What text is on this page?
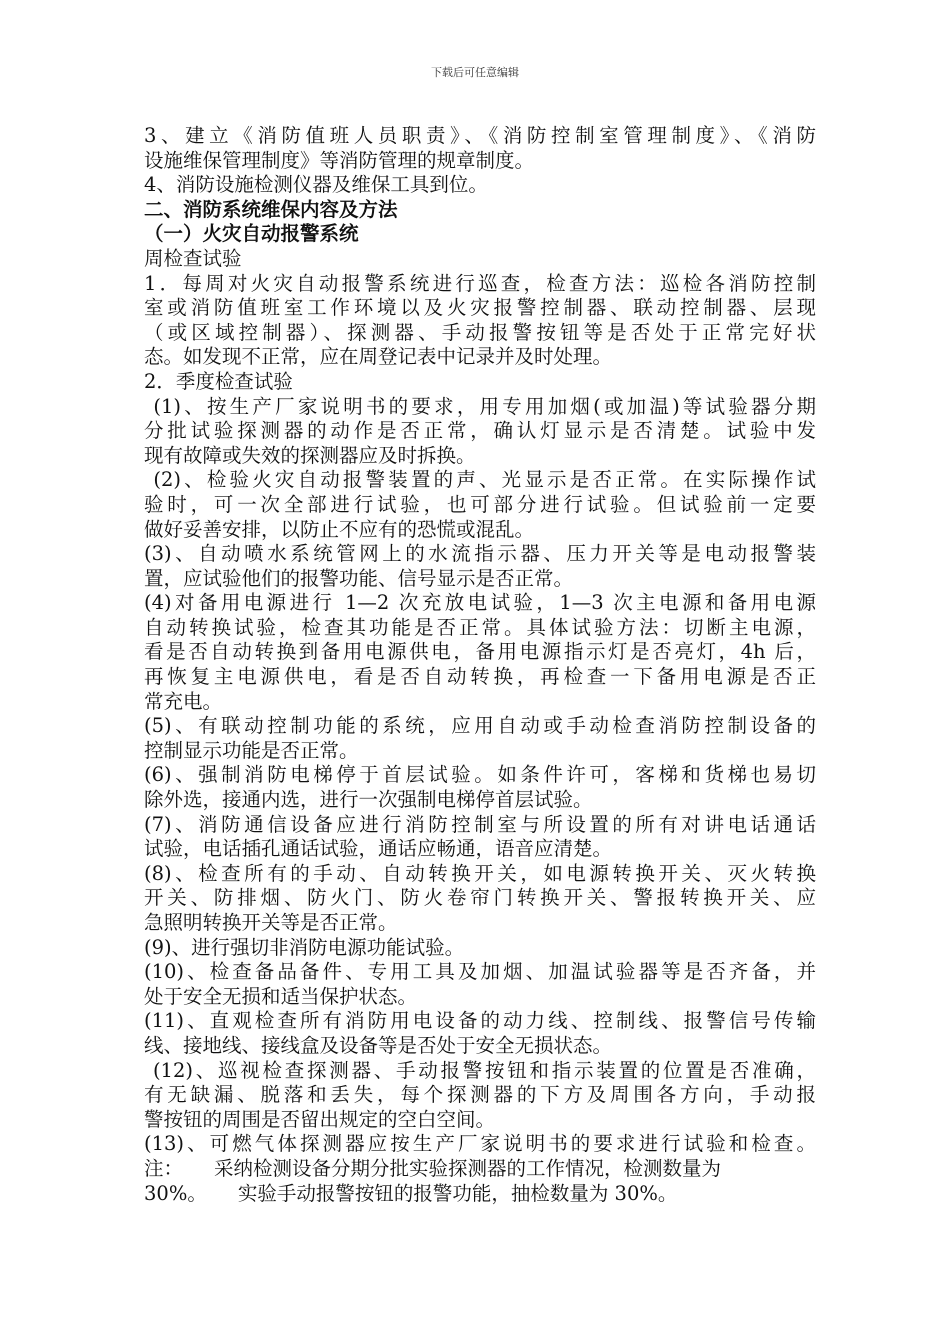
下载后可任意编辑
3、建立《消防值班人员职责》、《消防控制室管理制度》、《消防
设施维保管理制度》等消防管理的规章制度。
4、消防设施检测仪器及维保工具到位。
二、消防系统维保内容及方法
（一）火灾自动报警系统
周检查试验
1．每周对火灾自动报警系统进行巡查，检查方法：巡检各消防控制
室或消防值班室工作环境以及火灾报警控制器、联动控制器、层现
（或区域控制器）、探测器、手动报警按钮等是否处于正常完好状
态。如发现不正常，应在周登记表中记录并及时处理。
2．季度检查试验
(1)、按生产厂家说明书的要求，用专用加烟(或加温)等试验器分期
分批试验探测器的动作是否正常，确认灯显示是否清楚。试验中发
现有故障或失效的探测器应及时拆换。
(2)、检验火灾自动报警装置的声、光显示是否正常。在实际操作试
验时，可一次全部进行试验，也可部分进行试验。但试验前一定要
做好妥善安排，以防止不应有的恐慌或混乱。
(3)、自动喷水系统管网上的水流指示器、压力开关等是电动报警装
置，应试验他们的报警功能、信号显示是否正常。
(4)对备用电源进行 1—2 次充放电试验，1—3 次主电源和备用电源
自动转换试验，检查其功能是否正常。具体试验方法：切断主电源，
看是否自动转换到备用电源供电，备用电源指示灯是否亮灯，4h 后，
再恢复主电源供电，看是否自动转换，再检查一下备用电源是否正
常充电。
(5)、有联动控制功能的系统，应用自动或手动检查消防控制设备的
控制显示功能是否正常。
(6)、强制消防电梯停于首层试验。如条件许可，客梯和货梯也易切
除外选，接通内选，进行一次强制电梯停首层试验。
(7)、消防通信设备应进行消防控制室与所设置的所有对讲电话通话
试验，电话插孔通话试验，通话应畅通，语音应清楚。
(8)、检查所有的手动、自动转换开关，如电源转换开关、灭火转换
开关、防排烟、防火门、防火卷帘门转换开关、警报转换开关、应
急照明转换开关等是否正常。
(9)、进行强切非消防电源功能试验。
(10)、检查备品备件、专用工具及加烟、加温试验器等是否齐备，并
处于安全无损和适当保护状态。
(11)、直观检查所有消防用电设备的动力线、控制线、报警信号传输
线、接地线、接线盒及设备等是否处于安全无损状态。
(12)、巡视检查探测器、手动报警按钮和指示装置的位置是否准确，
有无缺漏、脱落和丢失，每个探测器的下方及周围各方向，手动报
警按钮的周围是否留出规定的空白空间。
(13)、可燃气体探测器应按生产厂家说明书的要求进行试验和检查。
注：     采纳检测设备分期分批实验探测器的工作情况，检测数量为
30%。     实验手动报警按钮的报警功能，抽检数量为 30%。
